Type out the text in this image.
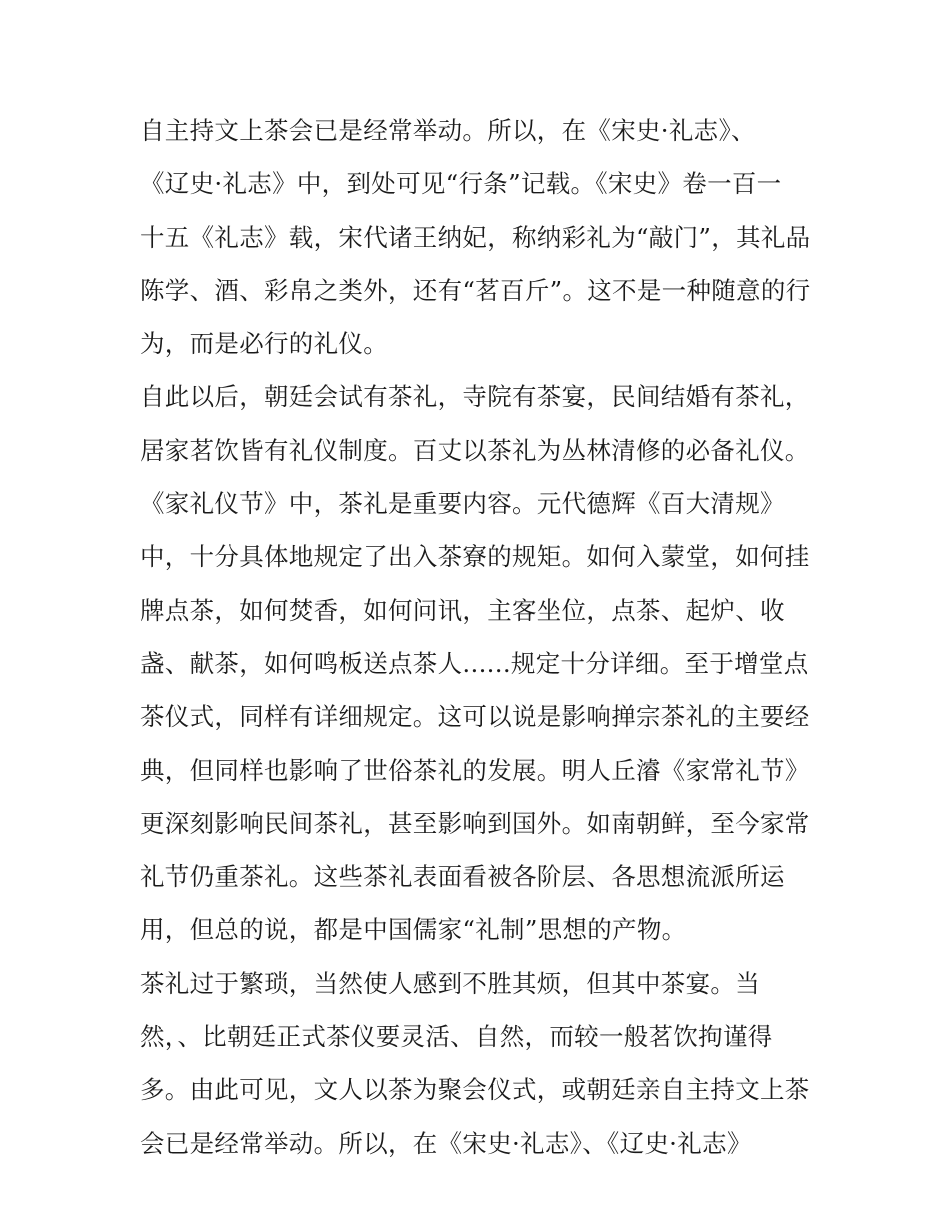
自主持文上茶会已是经常举动。所以，在《宋史·礼志》、
《辽史·礼志》中，到处可见“行条”记载。《宋史》卷一百一
十五《礼志》载，宋代诸王纳妃，称纳彩礼为“敲门”，其礼品
陈学、酒、彩帛之类外，还有“茗百斤”。这不是一种随意的行
为，而是必行的礼仪。
自此以后，朝廷会试有茶礼，寺院有茶宴，民间结婚有茶礼，
居家茗饮皆有礼仪制度。百丈以茶礼为丛林清修的必备礼仪。
《家礼仪节》中，茶礼是重要内容。元代德辉《百大清规》
中，十分具体地规定了出入茶寮的规矩。如何入蒙堂，如何挂
牌点茶，如何焚香，如何问讯，主客坐位，点茶、起炉、收
盏、献茶，如何鸣板送点茶人......规定十分详细。至于增堂点
茶仪式，同样有详细规定。这可以说是影响掸宗茶礼的主要经
典，但同样也影响了世俗茶礼的发展。明人丘濬《家常礼节》
更深刻影响民间茶礼，甚至影响到国外。如南朝鲜，至今家常
礼节仍重茶礼。这些茶礼表面看被各阶层、各思想流派所运
用，但总的说，都是中国儒家“礼制”思想的产物。
茶礼过于繁琐，当然使人感到不胜其烦，但其中茶宴。当
然，、比朝廷正式茶仪要灵活、自然，而较一般茗饮拘谨得
多。由此可见，文人以茶为聚会仪式，或朝廷亲自主持文上茶
会已是经常举动。所以，在《宋史·礼志》、《辽史·礼志》
